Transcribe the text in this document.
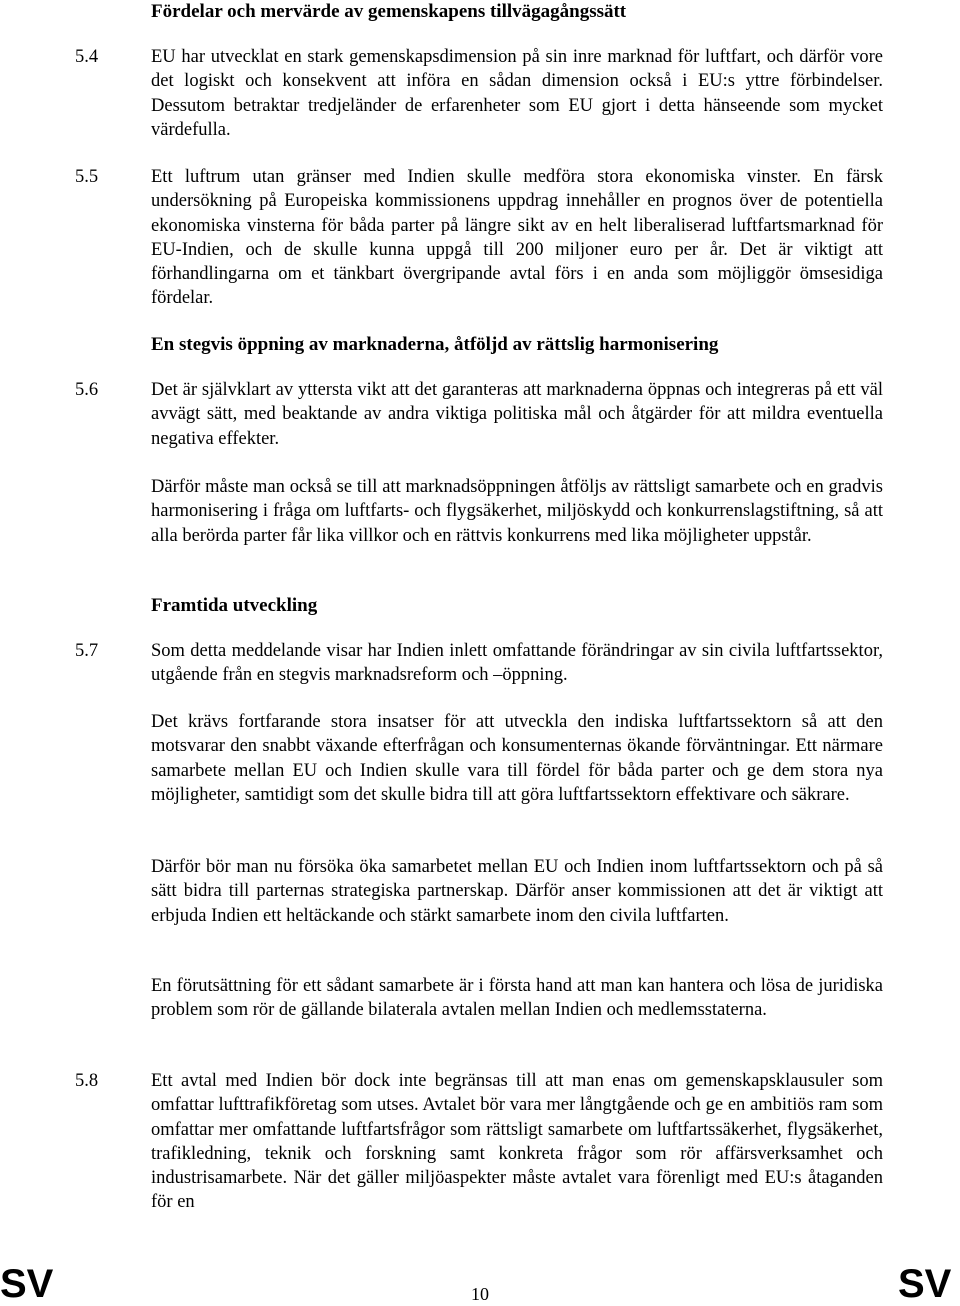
Fördelar och mervärde av gemenskapens tillvägagångssätt
5.4	EU har utvecklat en stark gemenskapsdimension på sin inre marknad för luftfart, och därför vore det logiskt och konsekvent att införa en sådan dimension också i EU:s yttre förbindelser. Dessutom betraktar tredjeländer de erfarenheter som EU gjort i detta hänseende som mycket värdefulla.
5.5	Ett luftrum utan gränser med Indien skulle medföra stora ekonomiska vinster. En färsk undersökning på Europeiska kommissionens uppdrag innehåller en prognos över de potentiella ekonomiska vinsterna för båda parter på längre sikt av en helt liberaliserad luftfartsmarknad för EU-Indien, och de skulle kunna uppgå till 200 miljoner euro per år. Det är viktigt att förhandlingarna om et tänkbart övergripande avtal förs i en anda som möjliggör ömsesidiga fördelar.
En stegvis öppning av marknaderna, åtföljd av rättslig harmonisering
5.6	Det är självklart av yttersta vikt att det garanteras att marknaderna öppnas och integreras på ett väl avvägt sätt, med beaktande av andra viktiga politiska mål och åtgärder för att mildra eventuella negativa effekter.
Därför måste man också se till att marknadsöppningen åtföljs av rättsligt samarbete och en gradvis harmonisering i fråga om luftfarts- och flygsäkerhet, miljöskydd och konkurrenslagstiftning, så att alla berörda parter får lika villkor och en rättvis konkurrens med lika möjligheter uppstår.
Framtida utveckling
5.7	Som detta meddelande visar har Indien inlett omfattande förändringar av sin civila luftfartssektor, utgående från en stegvis marknadsreform och –öppning.
Det krävs fortfarande stora insatser för att utveckla den indiska luftfartssektorn så att den motsvarar den snabbt växande efterfrågan och konsumenternas ökande förväntningar. Ett närmare samarbete mellan EU och Indien skulle vara till fördel för båda parter och ge dem stora nya möjligheter, samtidigt som det skulle bidra till att göra luftfartssektorn effektivare och säkrare.
Därför bör man nu försöka öka samarbetet mellan EU och Indien inom luftfartssektorn och på så sätt bidra till parternas strategiska partnerskap. Därför anser kommissionen att det är viktigt att erbjuda Indien ett heltäckande och stärkt samarbete inom den civila luftfarten.
En förutsättning för ett sådant samarbete är i första hand att man kan hantera och lösa de juridiska problem som rör de gällande bilaterala avtalen mellan Indien och medlemsstaterna.
5.8	Ett avtal med Indien bör dock inte begränsas till att man enas om gemenskapsklausuler som omfattar lufttrafikföretag som utses. Avtalet bör vara mer långtgående och ge en ambitiös ram som omfattar mer omfattande luftfartsfrågor som rättsligt samarbete om luftfartssäkerhet, flygsäkerhet, trafikledning, teknik och forskning samt konkreta frågor som rör affärsverksamhet och industrisamarbete. När det gäller miljöaspekter måste avtalet vara förenligt med EU:s åtaganden för en
SV	10	SV
